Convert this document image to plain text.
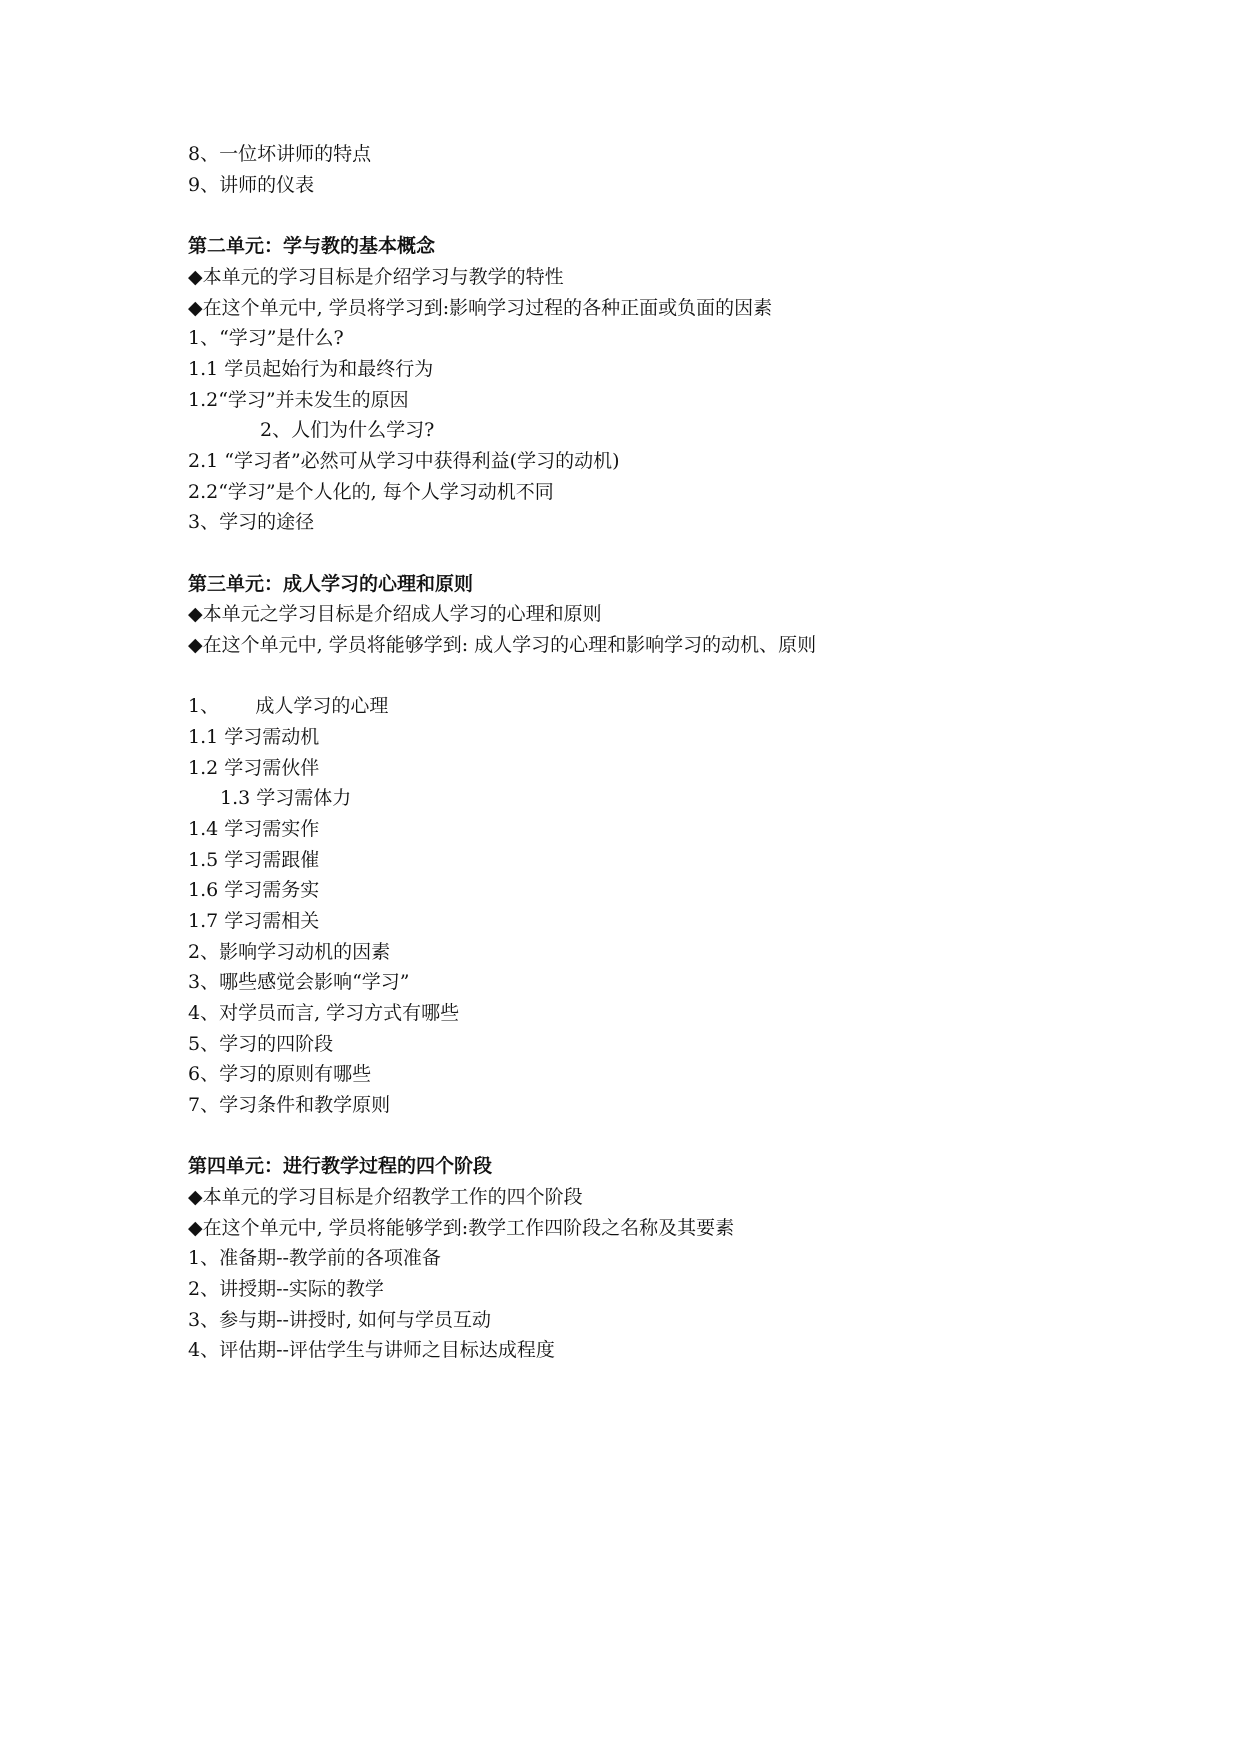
8、一位坏讲师的特点
9、讲师的仪表
第二单元：学与教的基本概念
◆本单元的学习目标是介绍学习与教学的特性
◆在这个单元中, 学员将学习到:影响学习过程的各种正面或负面的因素
1、“学习”是什么?
1.1 学员起始行为和最终行为
1.2“学习”并未发生的原因
2、人们为什么学习?
2.1 “学习者”必然可从学习中获得利益(学习的动机)
2.2“学习”是个人化的, 每个人学习动机不同
3、学习的途径
第三单元：成人学习的心理和原则
◆本单元之学习目标是介绍成人学习的心理和原则
◆在这个单元中, 学员将能够学到: 成人学习的心理和影响学习的动机、原则
1、      成人学习的心理
1.1 学习需动机
1.2 学习需伙伴
1.3 学习需体力
1.4 学习需实作
1.5 学习需跟催
1.6 学习需务实
1.7 学习需相关
2、影响学习动机的因素
3、哪些感觉会影响“学习”
4、对学员而言, 学习方式有哪些
5、学习的四阶段
6、学习的原则有哪些
7、学习条件和教学原则
第四单元：进行教学过程的四个阶段
◆本单元的学习目标是介绍教学工作的四个阶段
◆在这个单元中, 学员将能够学到:教学工作四阶段之名称及其要素
1、准备期--教学前的各项准备
2、讲授期--实际的教学
3、参与期--讲授时, 如何与学员互动
4、评估期--评估学生与讲师之目标达成程度
